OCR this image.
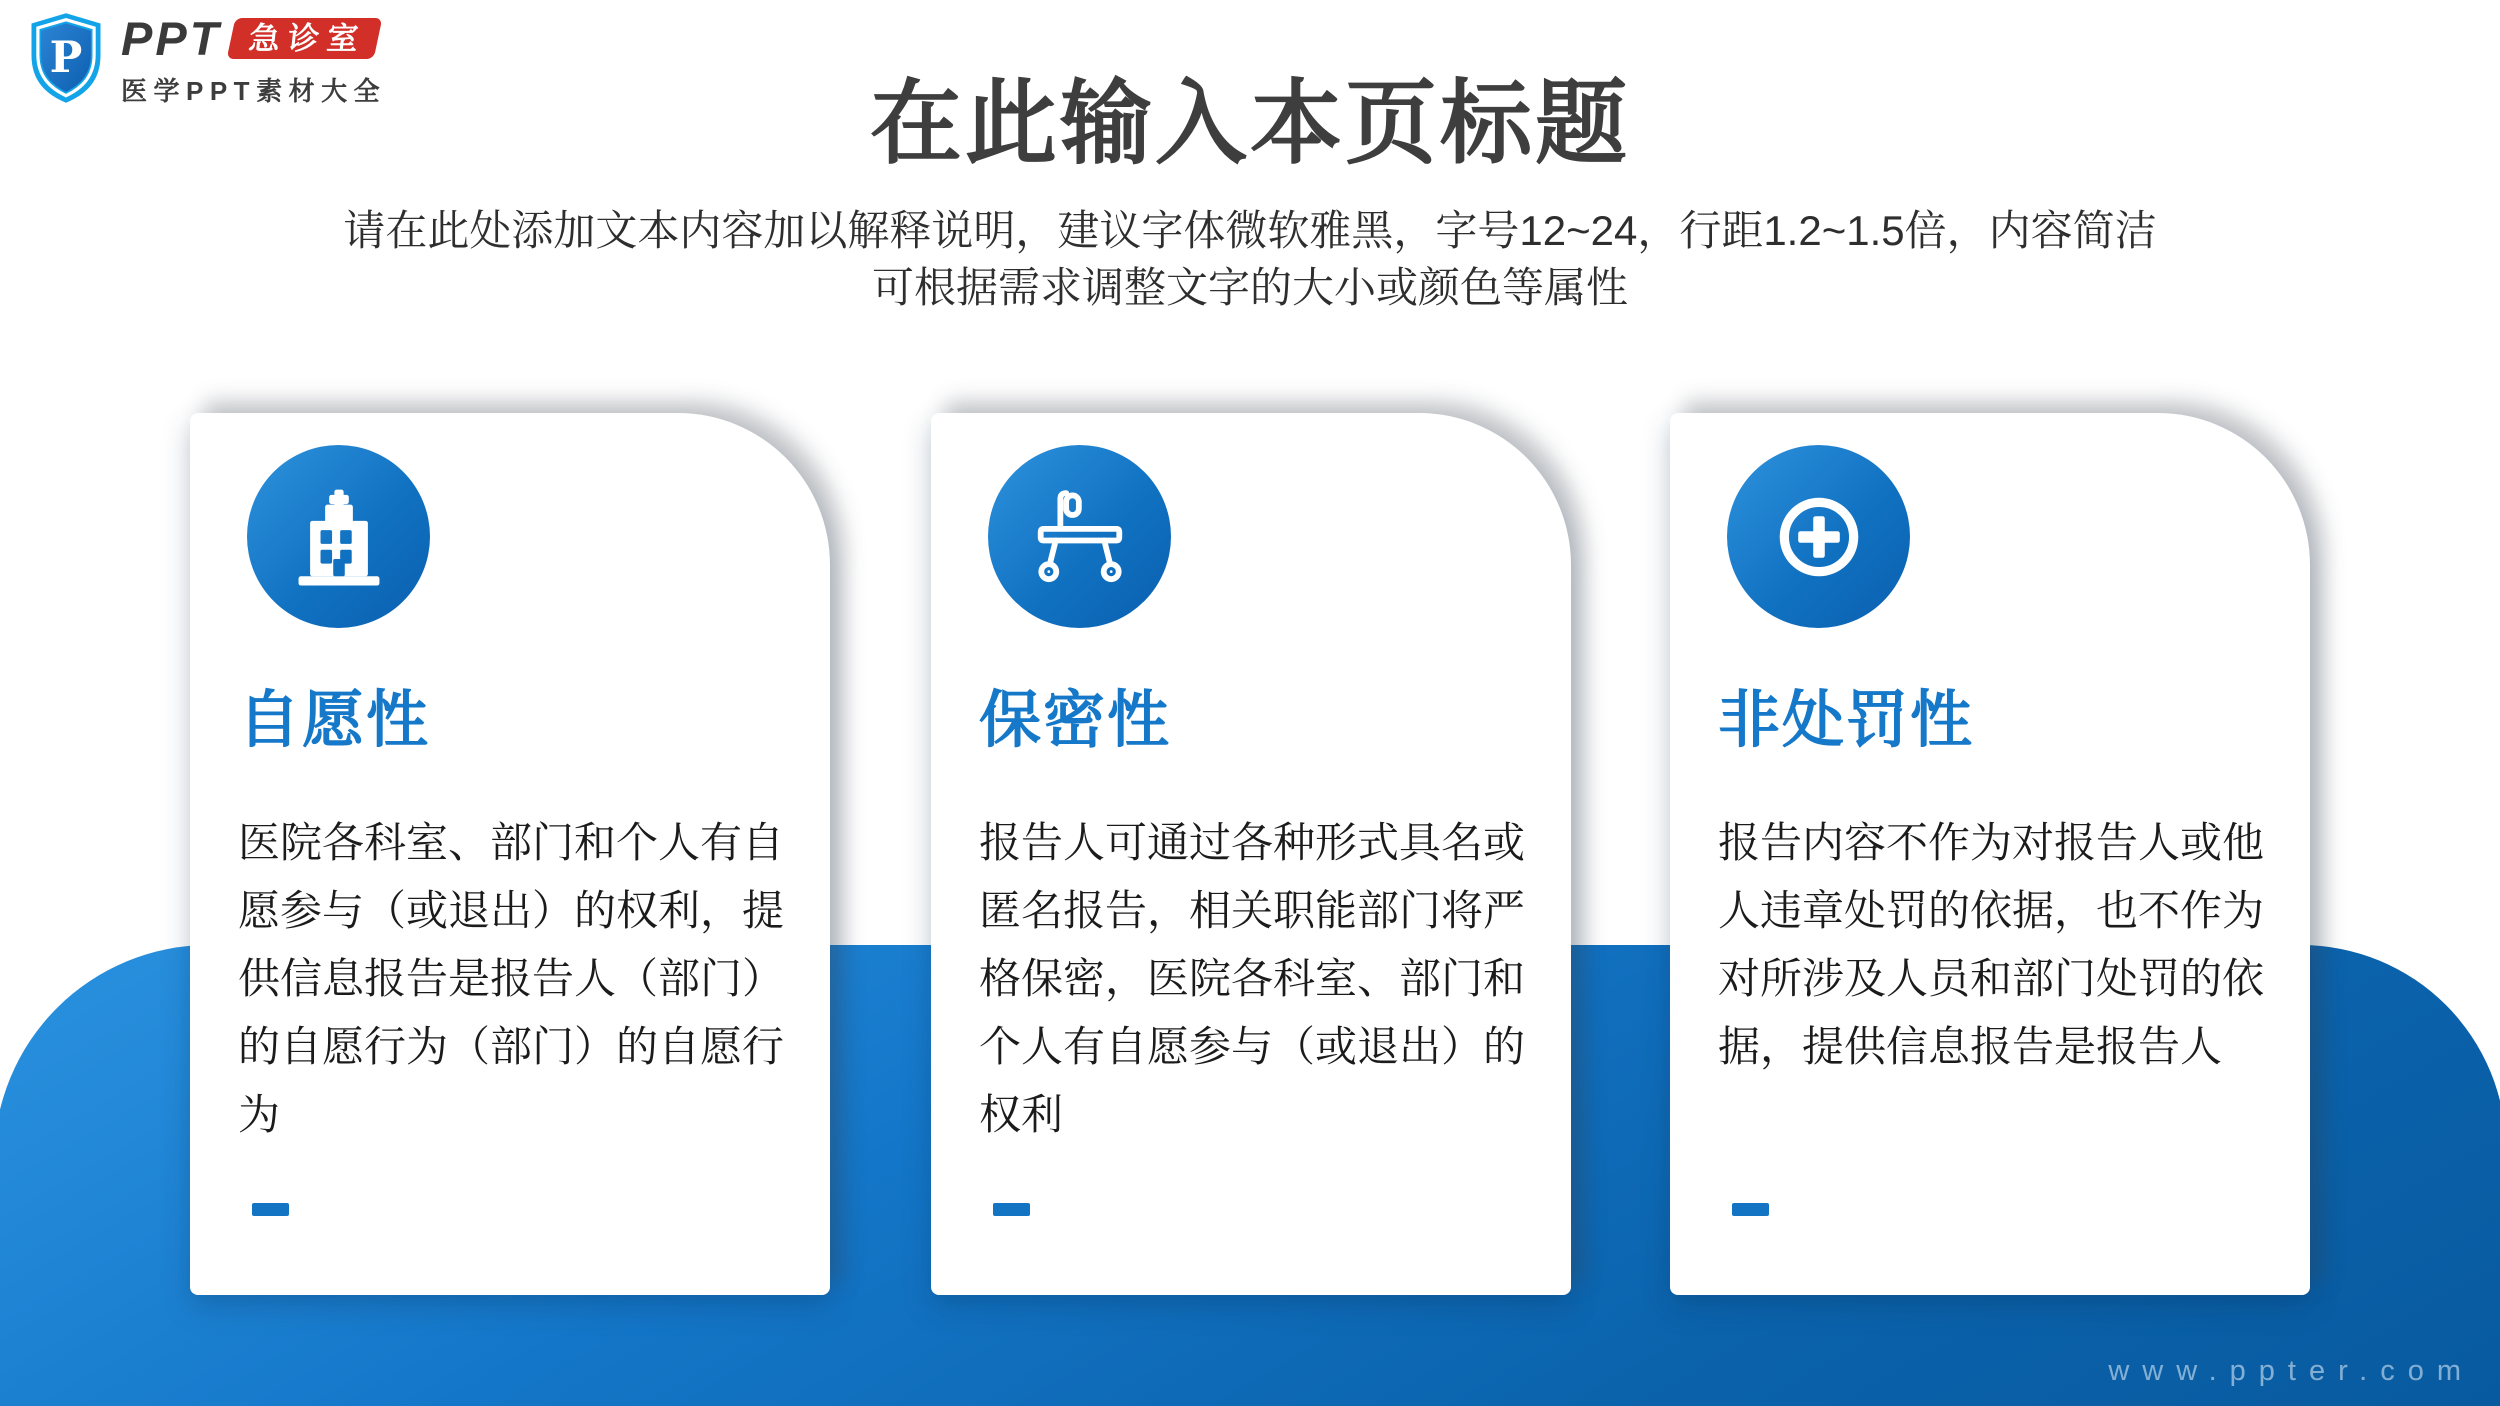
P PPT 急诊室
医学PPT素材大全	在此输入本页标题
请在此处添加文本内容加以解释说明，建议字体微软雅黑，字号12~24，行距1.2~1.5倍，内容简洁
可根据需求调整文字的大小或颜色等属性
自愿性
医院各科室、部门和个人有自愿参与（或退出）的权利，提供信息报告是报告人（部门）的自愿行为（部门）的自愿行为
保密性
报告人可通过各种形式具名或匿名报告，相关职能部门将严格保密，医院各科室、部门和个人有自愿参与（或退出）的权利
非处罚性
报告内容不作为对报告人或他人违章处罚的依据，也不作为对所涉及人员和部门处罚的依据，提供信息报告是报告人
www.ppter.com
